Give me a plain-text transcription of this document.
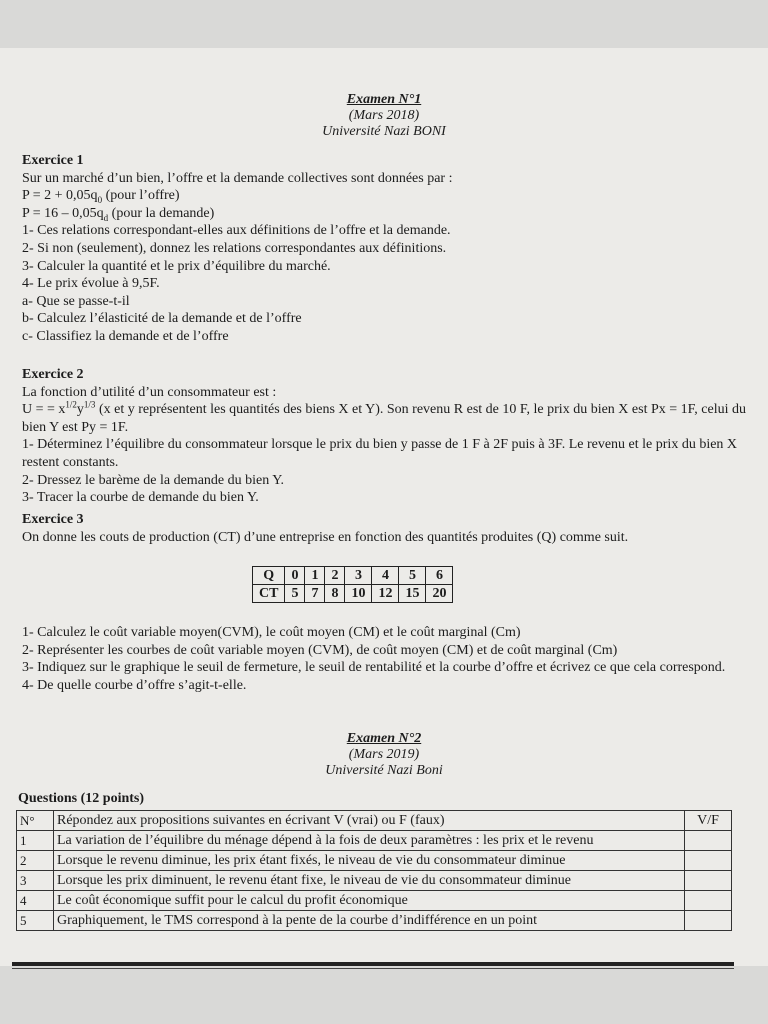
Examen N°1
(Mars 2018)
Université Nazi BONI

Exercice 1

Sur un marché d’un bien, l’offre et la demande collectives sont données par :

$P = 2 + 0,05q_0$ (pour l’offre)

$P = 16 - 0,05q_d$ (pour la demande)

1- Ces relations correspondant-elles aux définitions de l’offre et la demande.

2- Si non (seulement), donnez les relations correspondantes aux définitions.

3- Calculer la quantité et le prix d’équilibre du marché.

4- Le prix évolue à 9,5F.

a- Que se passe-t-il

b- Calculez l’élasticité de la demande et de l’offre

c- Classifiez la demande et de l’offre

Exercice 2

La fonction d’utilité d’un consommateur est :

U = = $x^{1/2}y^{1/3}$ (x et y représentent les quantités des biens X et Y). Son revenu R est de 10 F, le prix du bien X est Px = 1F, celui du bien Y est Py = 1F.

1- Déterminez l’équilibre du consommateur lorsque le prix du bien y passe de 1 F à 2F puis à 3F. Le revenu et le prix du bien X restent constants.

2- Dressez le barème de la demande du bien Y.

3- Tracer la courbe de demande du bien Y.

Exercice 3

On donne les couts de production (CT) d’une entreprise en fonction des quantités produites (Q) comme suit.

Q	0	1	2	3	4	5	6
CT	5	7	8	10	12	15	20

1- Calculez le coût variable moyen(CVM), le coût moyen (CM) et le coût marginal (Cm)

2- Représenter les courbes de coût variable moyen (CVM), de coût moyen (CM) et de coût marginal (Cm)

3- Indiquez sur le graphique le seuil de fermeture, le seuil de rentabilité et la courbe d’offre et écrivez ce que cela correspond.

4- De quelle courbe d’offre s’agit-t-elle.

Examen N°2
(Mars 2019)
Université Nazi Boni
Questions (12 points)
N°	Répondez aux propositions suivantes en écrivant V (vrai) ou F (faux)	V/F
1	La variation de l’équilibre du ménage dépend à la fois de deux paramètres : les prix et le revenu	
2	Lorsque le revenu diminue, les prix étant fixés, le niveau de vie du consommateur diminue	
3	Lorsque les prix diminuent, le revenu étant fixe, le niveau de vie du consommateur diminue	
4	Le coût économique suffit pour le calcul du profit économique	
5	Graphiquement, le TMS correspond à la pente de la courbe d’indifférence en un point	
